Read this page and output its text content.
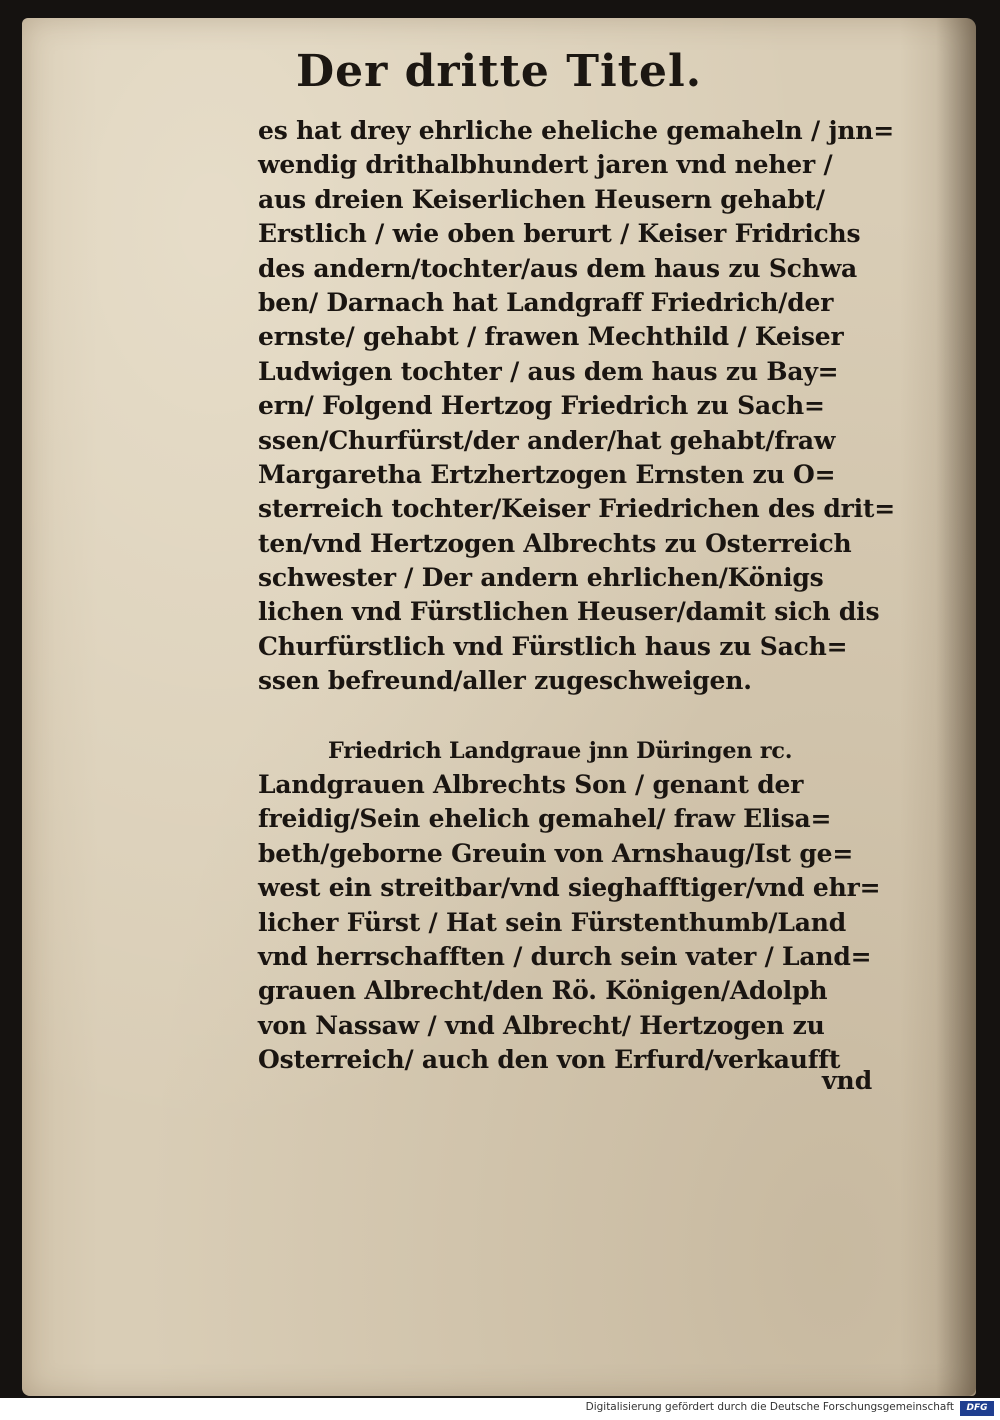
Der dritte Titel.
es hat drey ehrliche eheliche gemaheln / jnn=
wendig drithalbhundert jaren vnd neher /
aus dreien Keiserlichen Heusern gehabt/
Erstlich / wie oben berurt / Keiser Fridrichs
des andern/tochter/aus dem haus zu Schwa
ben/ Darnach hat Landgraff Friedrich/der
ernste/ gehabt / frawen Mechthild / Keiser
Ludwigen tochter / aus dem haus zu Bay=
ern/ Folgend Hertzog Friedrich zu Sach=
ssen/Churfürst/der ander/hat gehabt/fraw
Margaretha Ertzhertzogen Ernsten zu O=
sterreich tochter/Keiser Friedrichen des drit=
ten/vnd Hertzogen Albrechts zu Osterreich
schwester / Der andern ehrlichen/Königs
lichen vnd Fürstlichen Heuser/damit sich dis
Churfürstlich vnd Fürstlich haus zu Sach=
ssen befreund/aller zugeschweigen.
Friedrich Landgraue jnn Düringen rc.
Landgrauen Albrechts Son / genant der
freidig/Sein ehelich gemahel/ fraw Elisa=
beth/geborne Greuin von Arnshaug/Ist ge=
west ein streitbar/vnd sieghafftiger/vnd ehr=
licher Fürst / Hat sein Fürstenthumb/Land
vnd herrschafften / durch sein vater / Land=
grauen Albrecht/den Rö. Königen/Adolph
von Nassaw / vnd Albrecht/ Hertzogen zu
Osterreich/ auch den von Erfurd/verkaufft
vnd
Digitalisierung gefördert durch die Deutsche Forschungsgemeinschaft	DFG
